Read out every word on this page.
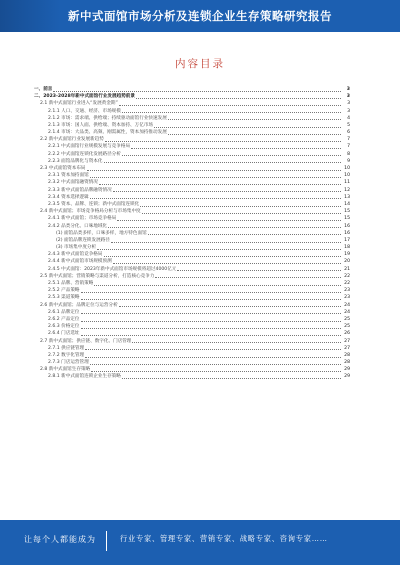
新中式面馆市场分析及连锁企业生存策略研究报告
内容目录
一、前言	3
二、2023-2028年新中式面馆行业发展趋势前景	3
2.1 新中式面馆行业进入“发展黄金期”	3
2.1.1 人口、交通、经济、市场规模	3
2.1.2 市场：需求端、供给端；持续驱动面馆行业快速发展	4
2.1.3 市场：国人面、供给端、资本加持、万亿市场	5
2.1.4 市场：大品类、高频、刚需属性，资本加持推动发展	6
2.2 新中式面馆行业发展新趋势	7
2.2.1 中式面馆行业规模发展与竞争格局	7
2.2.2 中式面馆连锁化发展路径分析	8
2.2.3 面馆品牌化与资本化	9
2.3 中式面馆资本布局	10
2.3.1 资本加持面馆	10
2.3.2 中式面馆融资情况	11
2.3.3 新中式面馆品牌融资情况	12
2.3.4 资本选择逻辑	13
2.3.5 资本、品牌、连锁；新中式面馆连锁化	14
2.4 新中式面馆；市场竞争格局分析与市场集中度	15
2.4.1 新中式面馆；市场竞争格局	15
2.4.2 品类分化、口味地域化	16
(1) 面馆品类多样，口味多样，地方特色面馆	16
(2) 面馆品牌连锁发展路径	17
(3) 市场集中度分析	18
2.4.3 新中式面馆竞争格局	19
2.4.4 新中式面馆市场规模预测	20
2.4.5 中式面馆：2023年新中式面馆市场规模将超过4000亿元	21
2.5 新中式面馆；营销策略与渠道分析，打造核心竞争力	22
2.5.1 品牌、营销策略	22
2.5.2 产品策略	23
2.5.3 渠道策略	23
2.6 新中式面馆；品牌定位与运营分析	24
2.6.1 品牌定位	24
2.6.2 产品定位	25
2.6.3 价格定位	25
2.6.4 门店选址	26
2.7 新中式面馆；供应链、数字化、门店管理	27
2.7.1 供应链管理	27
2.7.2 数字化管理	28
2.7.3 门店运营管理	28
2.8 新中式面馆生存策略	29
2.8.1 新中式面馆连锁企业生存策略	29
让每个人都能成为	行业专家、管理专家、营销专家、战略专家、咨询专家……
